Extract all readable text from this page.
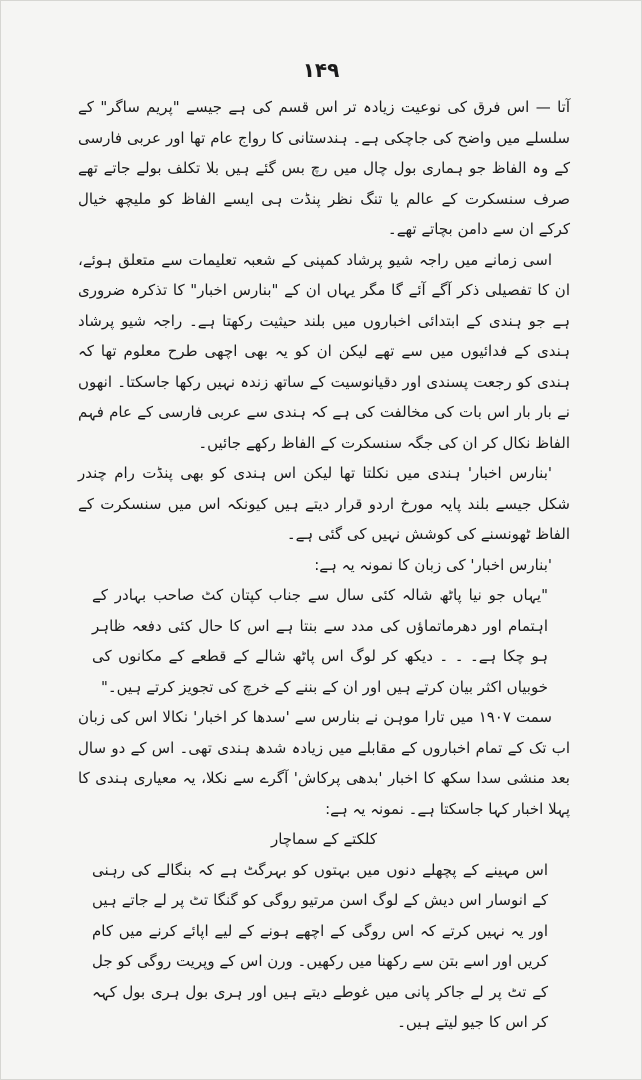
۱۴۹

آتا — اس فرق کی نوعیت زیادہ تر اس قسم کی ہے جیسے "پریم ساگر" کے سلسلے میں واضح کی جاچکی ہے۔ ہندستانی کا رواج عام تھا اور عربی فارسی کے وہ الفاظ جو ہماری بول چال میں رچ بس گئے ہیں بلا تکلف بولے جاتے تھے صرف سنسکرت کے عالم یا تنگ نظر پنڈت ہی ایسے الفاظ کو ملیچھ خیال کرکے ان سے دامن بچاتے تھے۔

اسی زمانے میں راجہ شیو پرشاد کمپنی کے شعبہ تعلیمات سے متعلق ہوئے، ان کا تفصیلی ذکر آگے آئے گا مگر یہاں ان کے "بنارس اخبار" کا تذکرہ ضروری ہے جو ہندی کے ابتدائی اخباروں میں بلند حیثیت رکھتا ہے۔ راجہ شیو پرشاد ہندی کے فدائیوں میں سے تھے لیکن ان کو یہ بھی اچھی طرح معلوم تھا کہ ہندی کو رجعت پسندی اور دقیانوسیت کے ساتھ زندہ نہیں رکھا جاسکتا۔ انھوں نے بار بار اس بات کی مخالفت کی ہے کہ ہندی سے عربی فارسی کے عام فہم الفاظ نکال کر ان کی جگہ سنسکرت کے الفاظ رکھے جائیں۔

'بنارس اخبار' ہندی میں نکلتا تھا لیکن اس ہندی کو بھی پنڈت رام چندر شکل جیسے بلند پایہ مورخ اردو قرار دیتے ہیں کیونکہ اس میں سنسکرت کے الفاظ ٹھونسنے کی کوشش نہیں کی گئی ہے۔

'بنارس اخبار' کی زبان کا نمونہ یہ ہے:

"یہاں جو نیا پاٹھ شالہ کئی سال سے جناب کپتان کٹ صاحب بہادر کے اہتمام اور دھرماتماؤں کی مدد سے بنتا ہے اس کا حال کئی دفعہ ظاہر ہو چکا ہے۔ ۔ ۔ دیکھ کر لوگ اس پاٹھ شالے کے قطعے کے مکانوں کی خوبیاں اکثر بیان کرتے ہیں اور ان کے بننے کے خرچ کی تجویز کرتے ہیں۔"

سمت ۱۹۰۷ میں تارا موہن نے بنارس سے 'سدھا کر اخبار' نکالا اس کی زبان اب تک کے تمام اخباروں کے مقابلے میں زیادہ شدھ ہندی تھی۔ اس کے دو سال بعد منشی سدا سکھ کا اخبار 'بدھی پرکاش' آگرے سے نکلا، یہ معیاری ہندی کا پہلا اخبار کہا جاسکتا ہے۔ نمونہ یہ ہے:

کلکتے کے سماچار

اس مہینے کے پچھلے دنوں میں بہتوں کو بہرگٹ ہے کہ بنگالے کی رہنی کے انوسار اس دیش کے لوگ اسن مرتیو روگی کو گنگا تٹ پر لے جاتے ہیں اور یہ نہیں کرتے کہ اس روگی کے اچھے ہونے کے لیے اپائے کرنے میں کام کریں اور اسے بتن سے رکھنا میں رکھیں۔ ورن اس کے وپریت روگی کو جل کے تٹ پر لے جاکر پانی میں غوطے دیتے ہیں اور ہری بول ہری بول کہہ کر اس کا جیو لیتے ہیں۔
